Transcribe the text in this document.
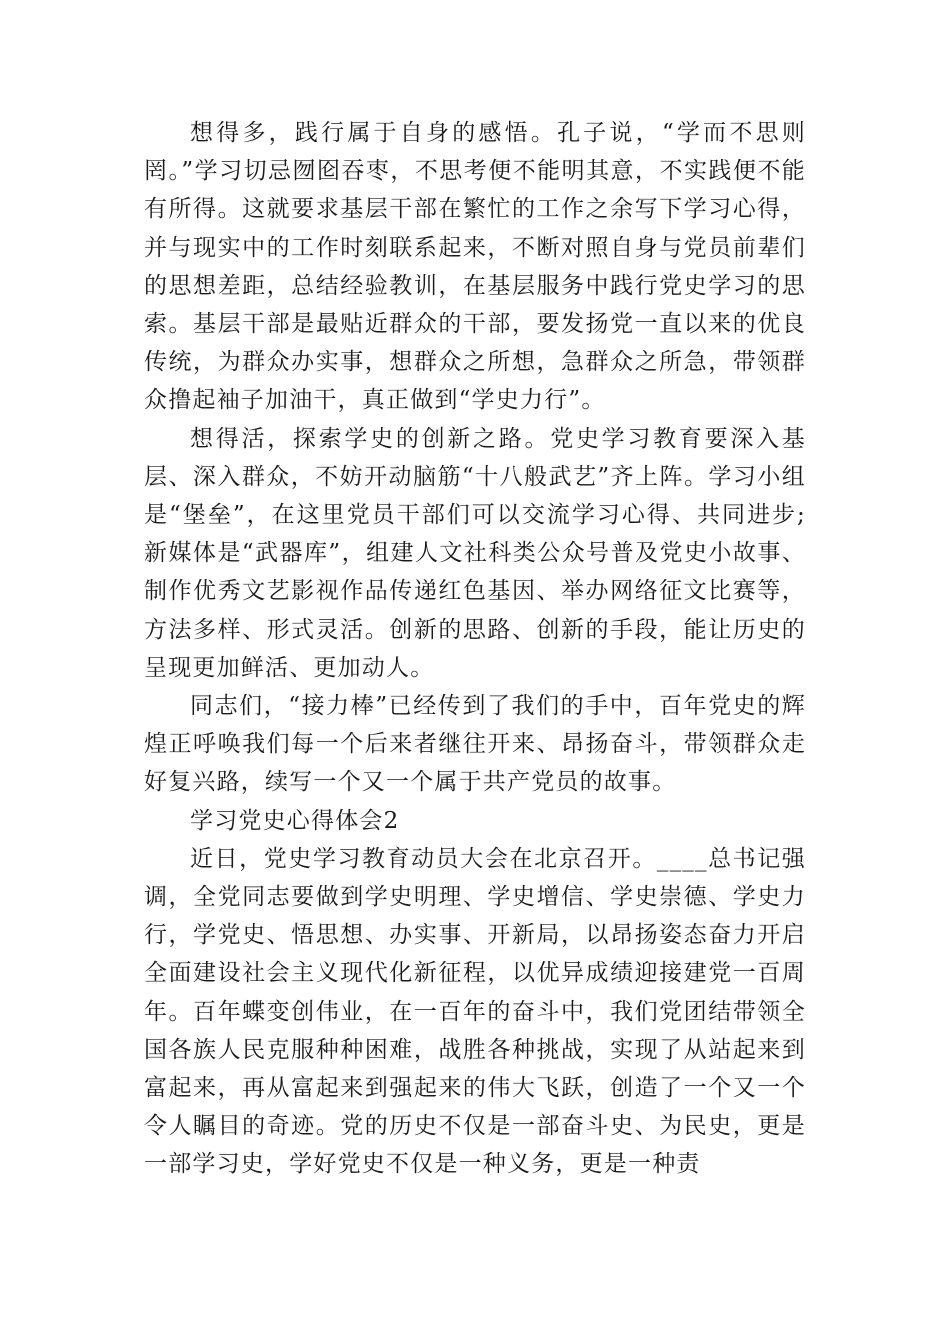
想得多，践行属于自身的感悟。孔子说，“学而不思则罔。”学习切忌囫囵吞枣，不思考便不能明其意，不实践便不能有所得。这就要求基层干部在繁忙的工作之余写下学习心得，并与现实中的工作时刻联系起来，不断对照自身与党员前辈们的思想差距，总结经验教训，在基层服务中践行党史学习的思索。基层干部是最贴近群众的干部，要发扬党一直以来的优良传统，为群众办实事，想群众之所想，急群众之所急，带领群众撸起袖子加油干，真正做到“学史力行”。

想得活，探索学史的创新之路。党史学习教育要深入基层、深入群众，不妨开动脑筋“十八般武艺”齐上阵。学习小组是“堡垒”，在这里党员干部们可以交流学习心得、共同进步;新媒体是“武器库”，组建人文社科类公众号普及党史小故事、制作优秀文艺影视作品传递红色基因、举办网络征文比赛等，方法多样、形式灵活。创新的思路、创新的手段，能让历史的呈现更加鲜活、更加动人。

同志们，“接力棒”已经传到了我们的手中，百年党史的辉煌正呼唤我们每一个后来者继往开来、昂扬奋斗，带领群众走好复兴路，续写一个又一个属于共产党员的故事。

学习党史心得体会2

近日，党史学习教育动员大会在北京召开。____总书记强调，全党同志要做到学史明理、学史增信、学史崇德、学史力行，学党史、悟思想、办实事、开新局，以昂扬姿态奋力开启全面建设社会主义现代化新征程，以优异成绩迎接建党一百周年。百年蝶变创伟业，在一百年的奋斗中，我们党团结带领全国各族人民克服种种困难，战胜各种挑战，实现了从站起来到富起来，再从富起来到强起来的伟大飞跃，创造了一个又一个令人瞩目的奇迹。党的历史不仅是一部奋斗史、为民史，更是一部学习史，学好党史不仅是一种义务，更是一种责
